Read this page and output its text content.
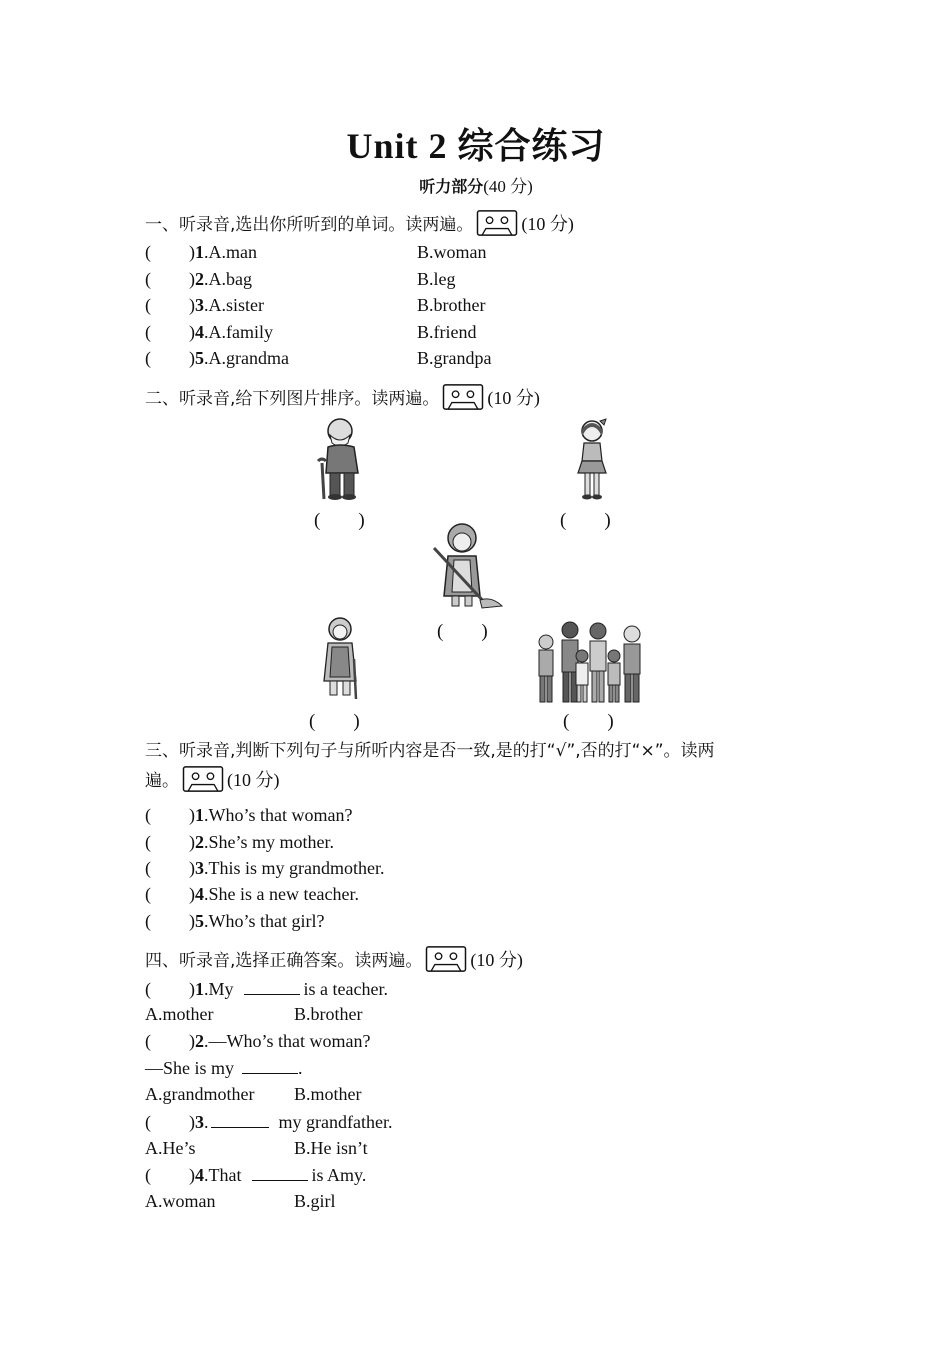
Unit 2 综合练习
听力部分(40 分)
一、听录音,选出你所听到的单词。读两遍。	(10 分)
( )1.A.man	B.woman
( )2.A.bag	B.leg
( )3.A.sister	B.brother
( )4.A.family	B.friend
( )5.A.grandma	B.grandpa
二、听录音,给下列图片排序。读两遍。	(10 分)
(　　)	(　　)
(　　)
(　　)	(　　)
三、听录音,判断下列句子与所听内容是否一致,是的打“√”,否的打“×”。读两
遍。	(10 分)
( )1.Who’s that woman?
( )2.She’s my mother.
( )3.This is my grandmother.
( )4.She is a new teacher.
( )5.Who’s that girl?
四、听录音,选择正确答案。读两遍。	(10 分)
( )1.My	is a teacher.
A.mother	B.brother
( )2.—Who’s that woman?
—She is my	.
A.grandmother B.mother
( )3.	my grandfather.
A.He’s	B.He isn’t
( )4.That	is Amy.
A.woman	B.girl
